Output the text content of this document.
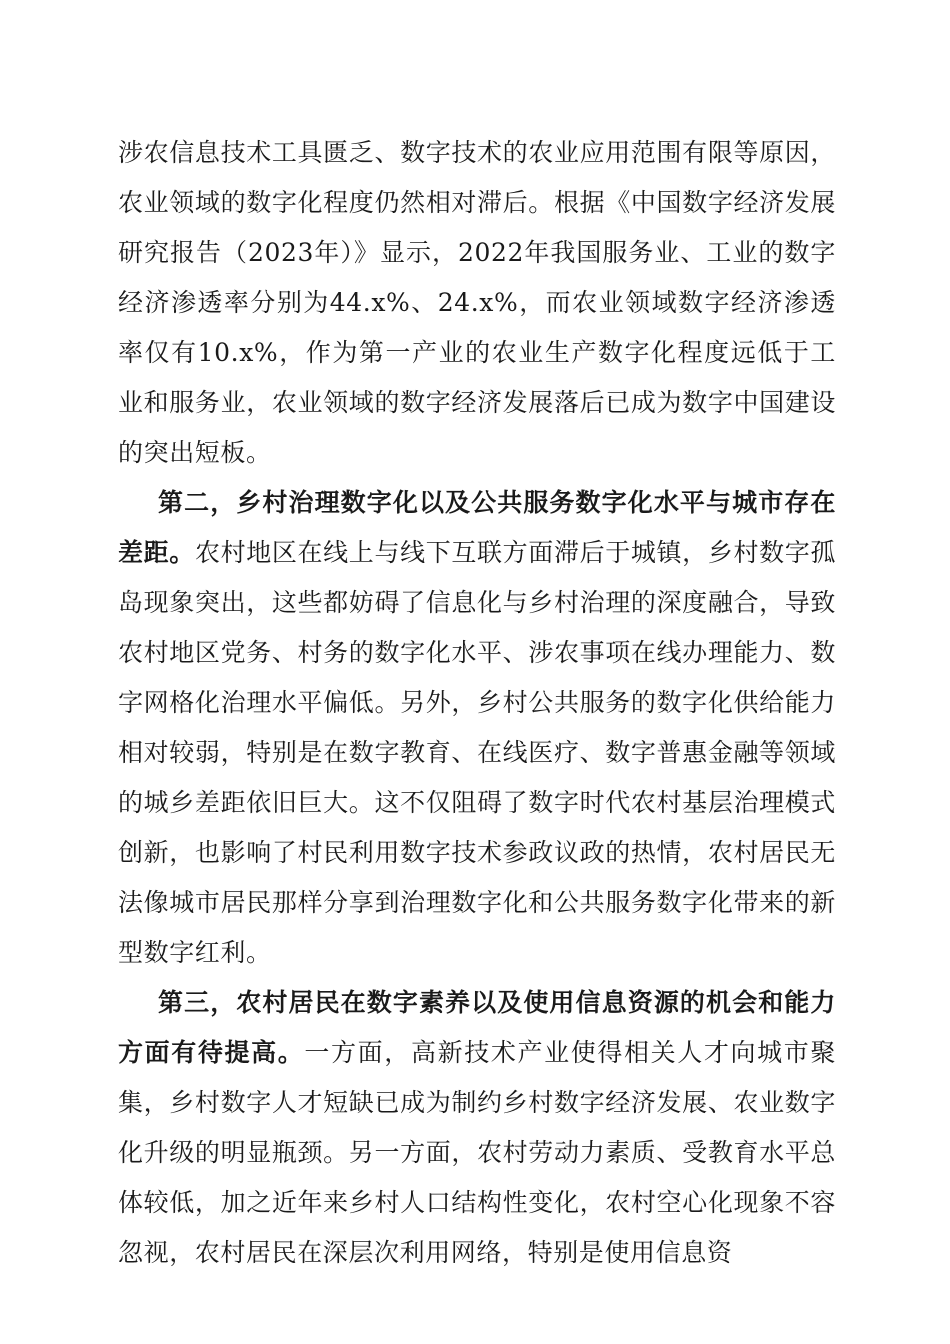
涉农信息技术工具匮乏、数字技术的农业应用范围有限等原因，农业领域的数字化程度仍然相对滞后。根据《中国数字经济发展研究报告（2023年）》显示，2022年我国服务业、工业的数字经济渗透率分别为44.x%、24.x%，而农业领域数字经济渗透率仅有10.x%，作为第一产业的农业生产数字化程度远低于工业和服务业，农业领域的数字经济发展落后已成为数字中国建设的突出短板。

第二，乡村治理数字化以及公共服务数字化水平与城市存在差距。农村地区在线上与线下互联方面滞后于城镇，乡村数字孤岛现象突出，这些都妨碍了信息化与乡村治理的深度融合，导致农村地区党务、村务的数字化水平、涉农事项在线办理能力、数字网格化治理水平偏低。另外，乡村公共服务的数字化供给能力相对较弱，特别是在数字教育、在线医疗、数字普惠金融等领域的城乡差距依旧巨大。这不仅阻碍了数字时代农村基层治理模式创新，也影响了村民利用数字技术参政议政的热情，农村居民无法像城市居民那样分享到治理数字化和公共服务数字化带来的新型数字红利。

第三，农村居民在数字素养以及使用信息资源的机会和能力方面有待提高。一方面，高新技术产业使得相关人才向城市聚集，乡村数字人才短缺已成为制约乡村数字经济发展、农业数字化升级的明显瓶颈。另一方面，农村劳动力素质、受教育水平总体较低，加之近年来乡村人口结构性变化，农村空心化现象不容忽视，农村居民在深层次利用网络，特别是使用信息资
